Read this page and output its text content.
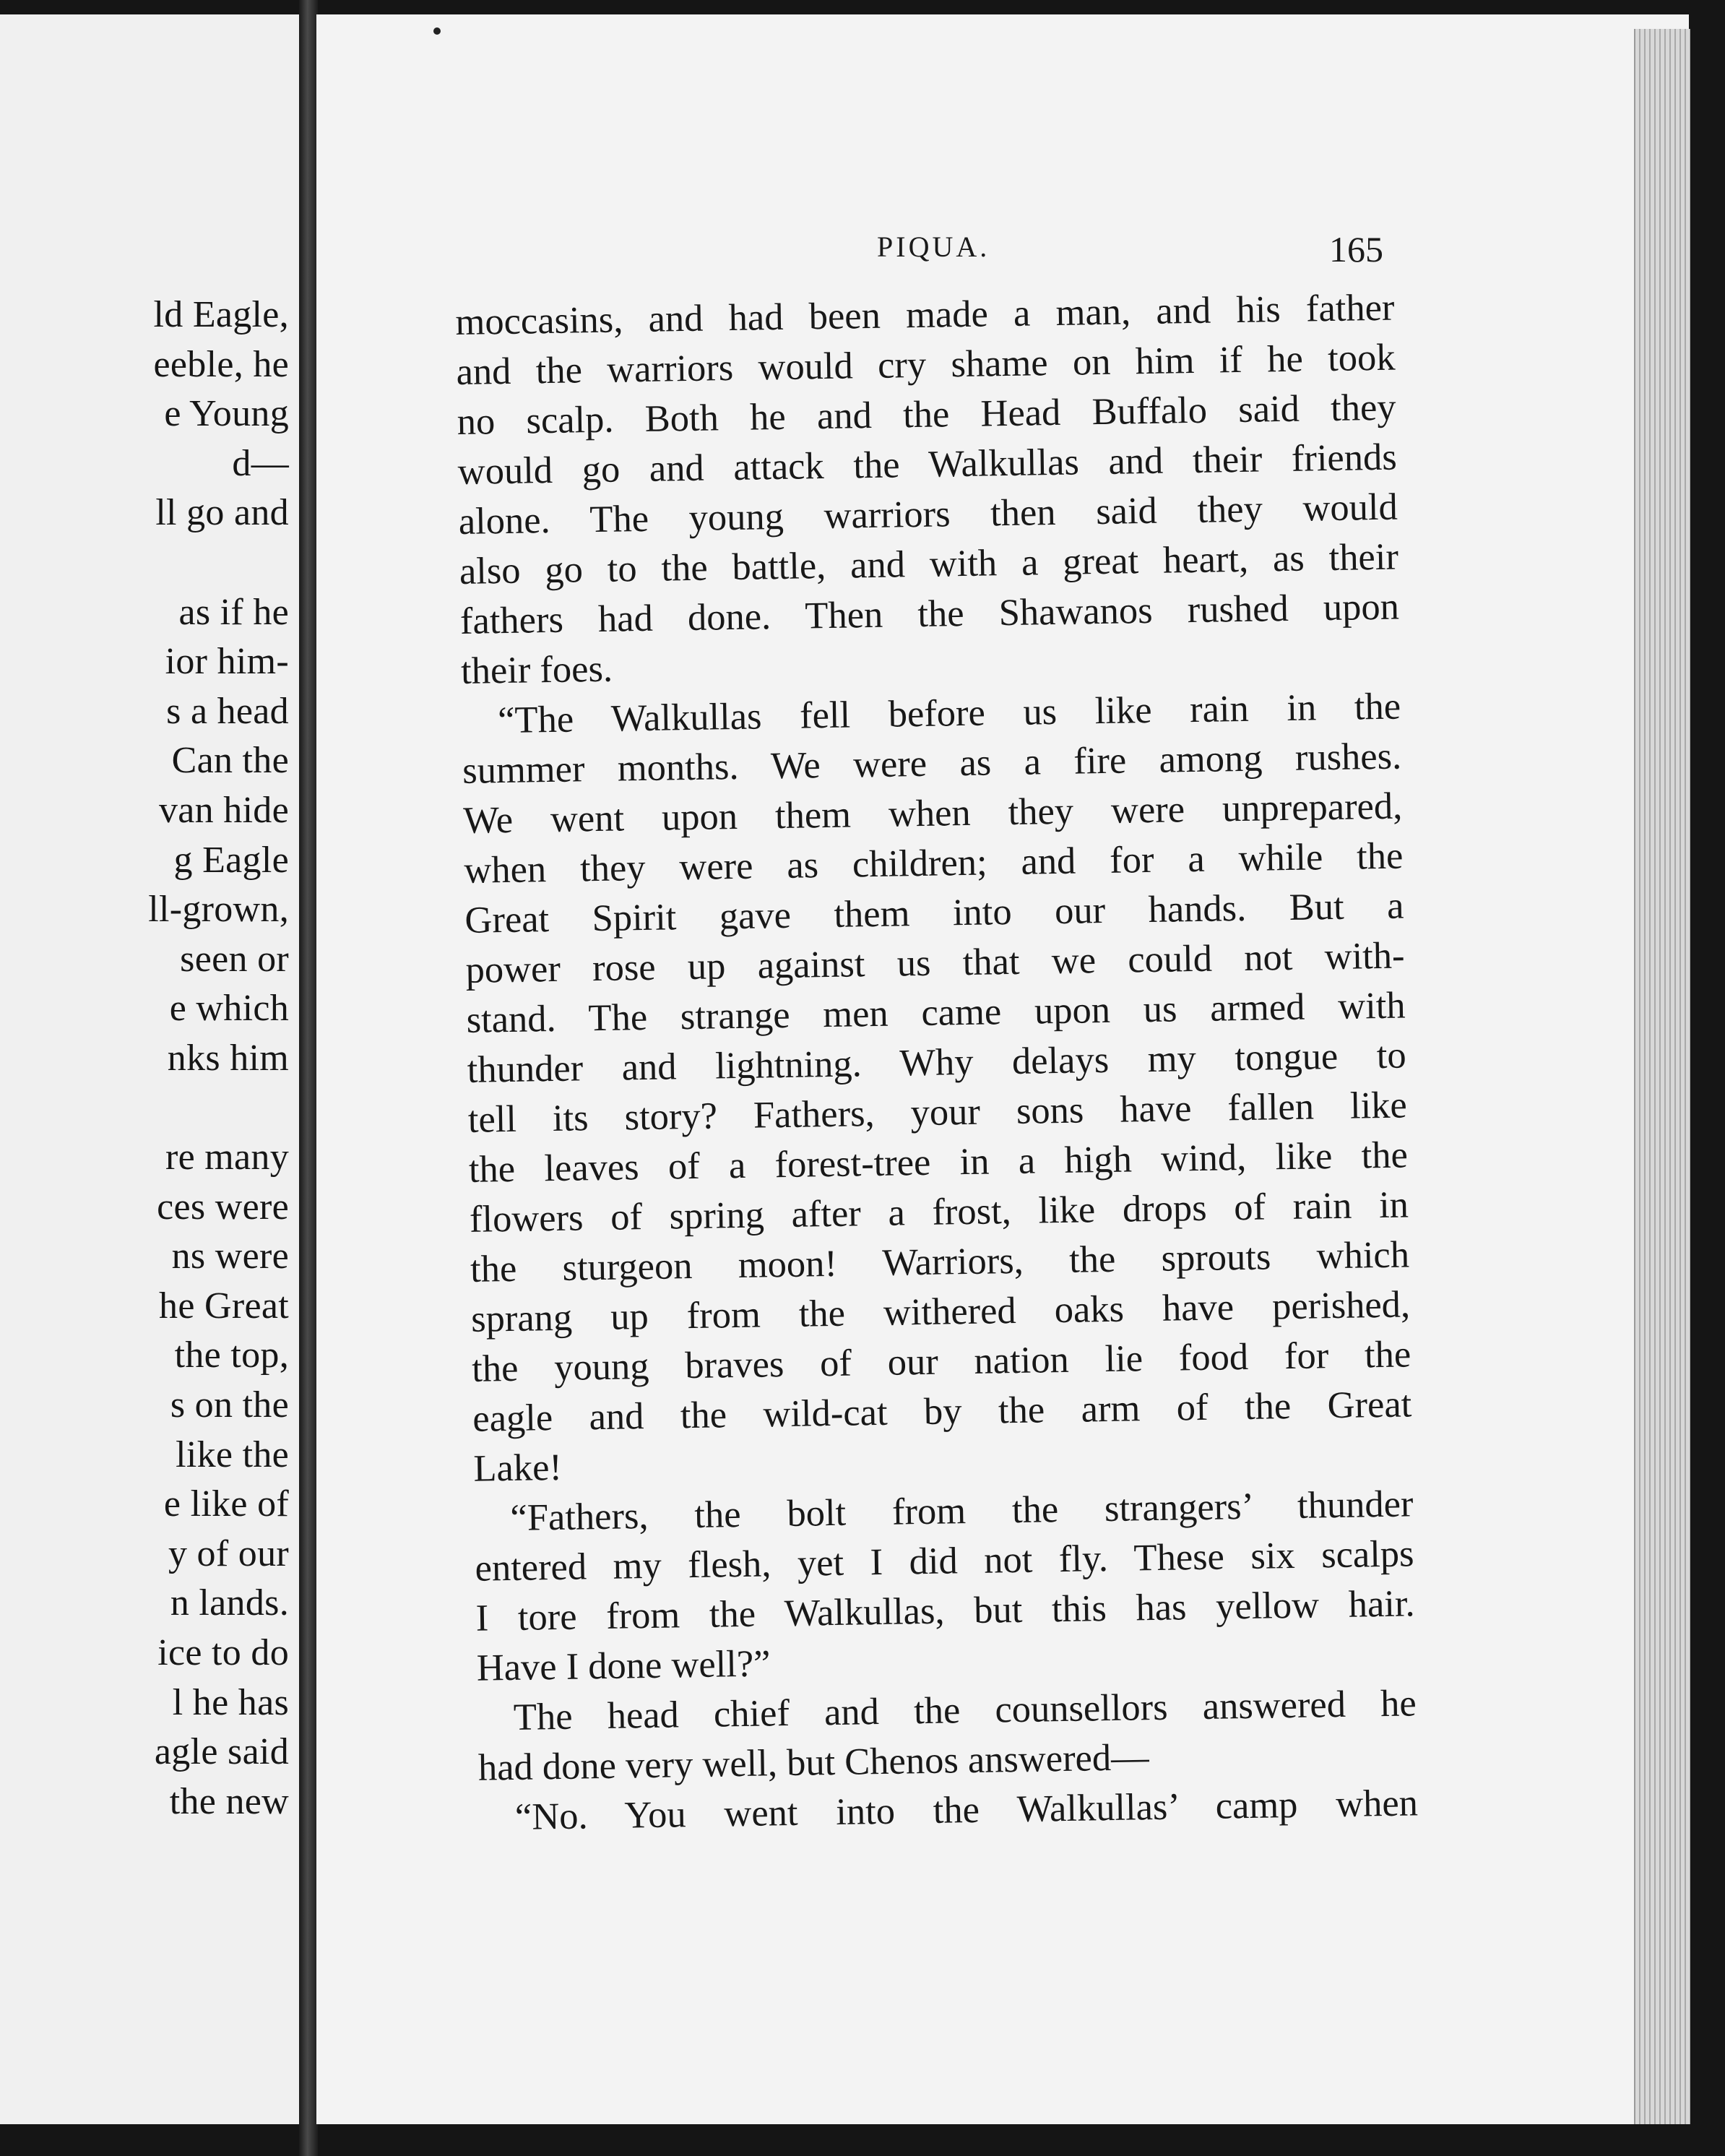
ld Eagle,
eeble, he
e Young
d—
ll go and

as if he
ior him-
s a head
Can the
van hide
g Eagle
ll-grown,
seen or
e which
nks him

re many
ces were
ns were
he Great
the top,
s on the
like the
e like of
y of our
n lands.
ice to do
l he has
agle said
the new
PIQUA.	165
moccasins, and had been made a man, and his father
and the warriors would cry shame on him if he took
no scalp. Both he and the Head Buffalo said they
would go and attack the Walkullas and their friends
alone. The young warriors then said they would
also go to the battle, and with a great heart, as their
fathers had done. Then the Shawanos rushed upon
their foes.
“The Walkullas fell before us like rain in the
summer months. We were as a fire among rushes.
We went upon them when they were unprepared,
when they were as children; and for a while the
Great Spirit gave them into our hands. But a
power rose up against us that we could not with-
stand. The strange men came upon us armed with
thunder and lightning. Why delays my tongue to
tell its story? Fathers, your sons have fallen like
the leaves of a forest-tree in a high wind, like the
flowers of spring after a frost, like drops of rain in
the sturgeon moon! Warriors, the sprouts which
sprang up from the withered oaks have perished,
the young braves of our nation lie food for the
eagle and the wild-cat by the arm of the Great
Lake!
“Fathers, the bolt from the strangers’ thunder
entered my flesh, yet I did not fly. These six scalps
I tore from the Walkullas, but this has yellow hair.
Have I done well?”
The head chief and the counsellors answered he
had done very well, but Chenos answered—
“No. You went into the Walkullas’ camp when
